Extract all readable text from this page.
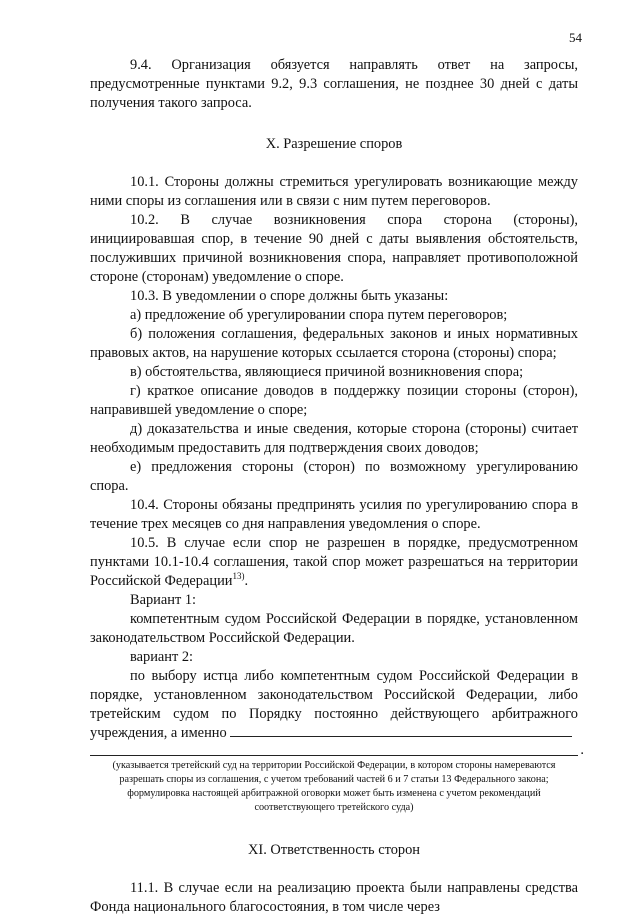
54

9.4. Организация обязуется направлять ответ на запросы, предусмотренные пунктами 9.2, 9.3 соглашения, не позднее 30 дней с даты получения такого запроса.

X. Разрешение споров

10.1. Стороны должны стремиться урегулировать возникающие между ними споры из соглашения или в связи с ним путем переговоров.

10.2. В случае возникновения спора сторона (стороны), инициировавшая спор, в течение 90 дней с даты выявления обстоятельств, послуживших причиной возникновения спора, направляет противоположной стороне (сторонам) уведомление о споре.

10.3. В уведомлении о споре должны быть указаны:

а) предложение об урегулировании спора путем переговоров;

б) положения соглашения, федеральных законов и иных нормативных правовых актов, на нарушение которых ссылается сторона (стороны) спора;

в) обстоятельства, являющиеся причиной возникновения спора;

г) краткое описание доводов в поддержку позиции стороны (сторон), направившей уведомление о споре;

д) доказательства и иные сведения, которые сторона (стороны) считает необходимым предоставить для подтверждения своих доводов;

е) предложения стороны (сторон) по возможному урегулированию спора.

10.4. Стороны обязаны предпринять усилия по урегулированию спора в течение трех месяцев со дня направления уведомления о споре.

10.5. В случае если спор не разрешен в порядке, предусмотренном пунктами 10.1-10.4 соглашения, такой спор может разрешаться на территории Российской Федерации$^{13)}$.

Вариант 1:

компетентным судом Российской Федерации в порядке, установленном законодательством Российской Федерации.

вариант 2:

по выбору истца либо компетентным судом Российской Федерации в порядке, установленном законодательством Российской Федерации, либо третейским судом по Порядку постоянно действующего арбитражного учреждения, а именно

.

(указывается третейский суд на территории Российской Федерации, в котором стороны намереваются разрешать споры из соглашения, с учетом требований частей 6 и 7 статьи 13 Федерального закона; формулировка настоящей арбитражной оговорки может быть изменена с учетом рекомендаций соответствующего третейского суда)

XI. Ответственность сторон

11.1. В случае если на реализацию проекта были направлены средства Фонда национального благосостояния, в том числе через
